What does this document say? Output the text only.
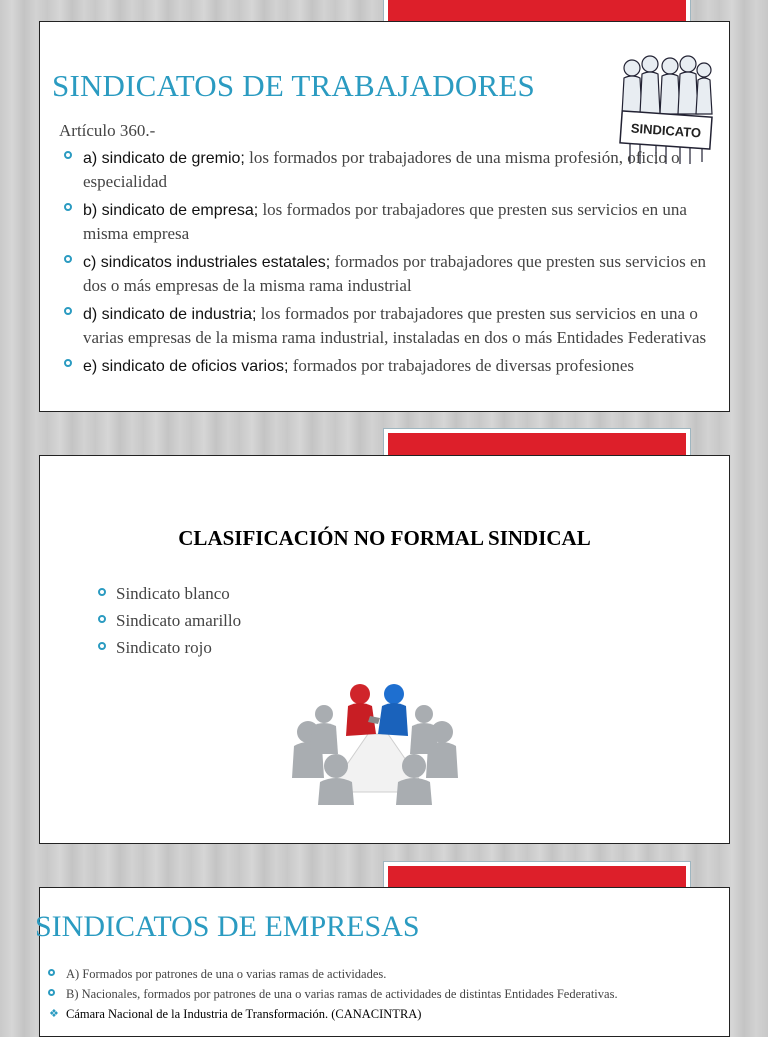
SINDICATOS DE TRABAJADORES
Artículo 360.-	SINDICATO
a) sindicato de gremio; los formados por trabajadores de una misma profesión, oficio o especialidad
b) sindicato de empresa; los formados por trabajadores que presten sus servicios en una misma empresa
c) sindicatos industriales estatales; formados por trabajadores que presten sus servicios en dos o más empresas de la misma rama industrial
d) sindicato de industria; los formados por trabajadores que presten sus servicios en una o varias empresas de la misma rama industrial, instaladas en dos o más Entidades Federativas
e) sindicato de oficios varios; formados por trabajadores de diversas profesiones
CLASIFICACIÓN NO FORMAL SINDICAL
Sindicato blanco
Sindicato amarillo
Sindicato rojo
SINDICATOS DE EMPRESAS
A) Formados por patrones de una o varias ramas de actividades.
B) Nacionales, formados por patrones de una o varias ramas de actividades de distintas Entidades Federativas.
❖ Cámara Nacional de la Industria de Transformación. (CANACINTRA)
